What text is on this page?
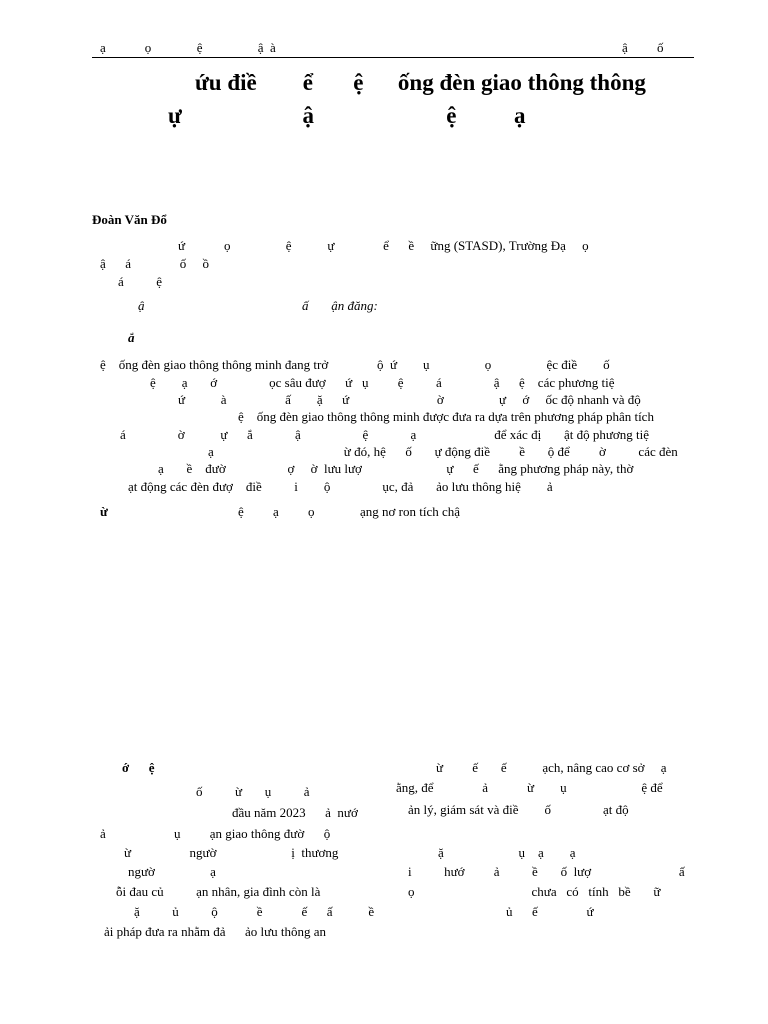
ạ            ọ              ệ                 ậ  à	ậ         ố
ứu điề        ể       ệ      ống đèn giao thông thông
ự                     ậ                       ệ          ạ
Đoàn Văn Đổ
ứ            ọ                 ệ           ự               ể      ề     ững (STASD), Trường Đạ     ọ
ậ      á               ố     ồ
á          ệ
ậ	ấ       ận đăng:
ắ
ệ    ống đèn giao thông thông minh đang trở               ộ  ứ        ụ                 ọ                 ệc điề        ố
ệ        ạ       ớ                ọc sâu đượ      ứ   ụ         ệ          á                ậ      ệ    các phương tiệ
ứ           à                  ấ        ặ      ứ                           ờ                 ự     ớ     ốc độ nhanh và độ
ệ    ống đèn giao thông thông minh được đưa ra dựa trên phương pháp phân tích
á                ờ           ự      ắ             ậ                   ệ             ạ                        để xác đị       ật độ phương tiệ
ạ                                        ừ đó, hệ      ố       ự động điề         ề       ộ để         ờ          các đèn
ạ       ề    đườ                   ợ     ờ  lưu lượ                          ự      ế      ằng phương pháp này, thờ
ạt động các đèn đượ    điề          i        ộ                ục, đả       ảo lưu thông hiệ        ả
ừ	ệ         ạ         ọ              ạng nơ ron tích chậ
ớ      ệ
ố          ừ       ụ          ả
đầu năm 2023      ả  nướ
ả                     ụ         ạn giao thông đườ      ộ
ừ                  ngườ                       ị  thương
ngườ                 ạ
ỗi đau củ          ạn nhân, gia đình còn là
ặ          ủ          ộ            ề            ế      ấ           ề
ải pháp đưa ra nhằm đả      ảo lưu thông an
ừ         ế       ế           ạch, nâng cao cơ sở     ạ
ằng, để               ả            ừ        ụ                       ệ để
ản lý, giám sát và điề        ố                ạt độ
ặ                       ụ    ạ        ạ
i          hướ         ả          ề       ố  lượ                           ấ
ọ                                    chưa   có   tính   bề       ữ
ủ      ế               ứ
